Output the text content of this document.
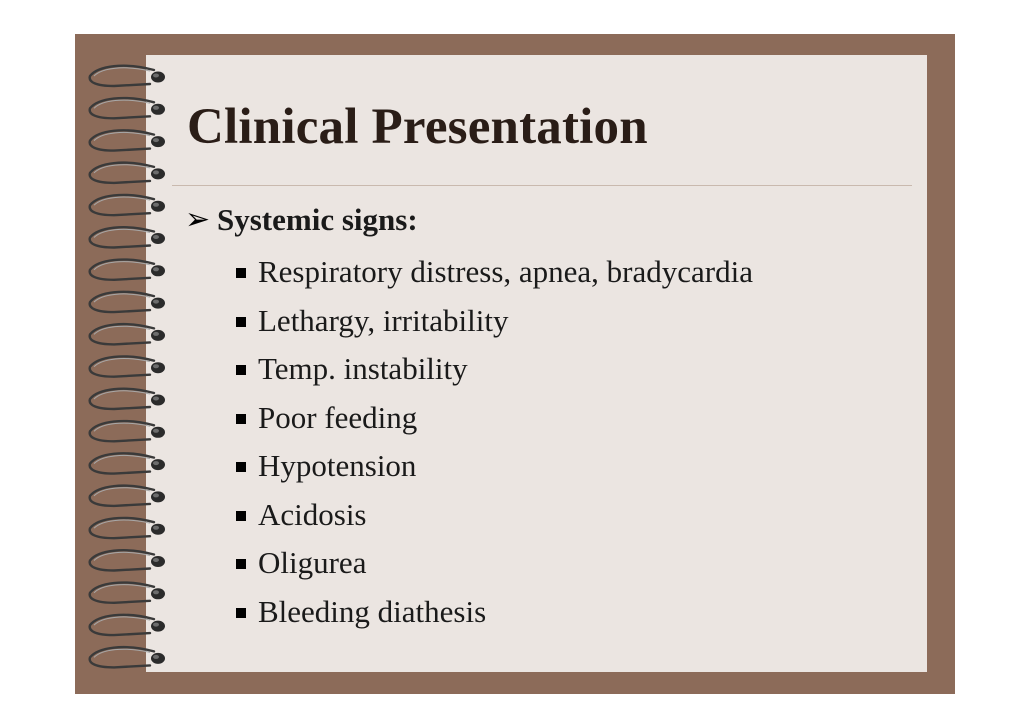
Clinical Presentation
➢ Systemic signs:
Respiratory distress, apnea, bradycardia
Lethargy, irritability
Temp. instability
Poor feeding
Hypotension
Acidosis
Oligurea
Bleeding diathesis
